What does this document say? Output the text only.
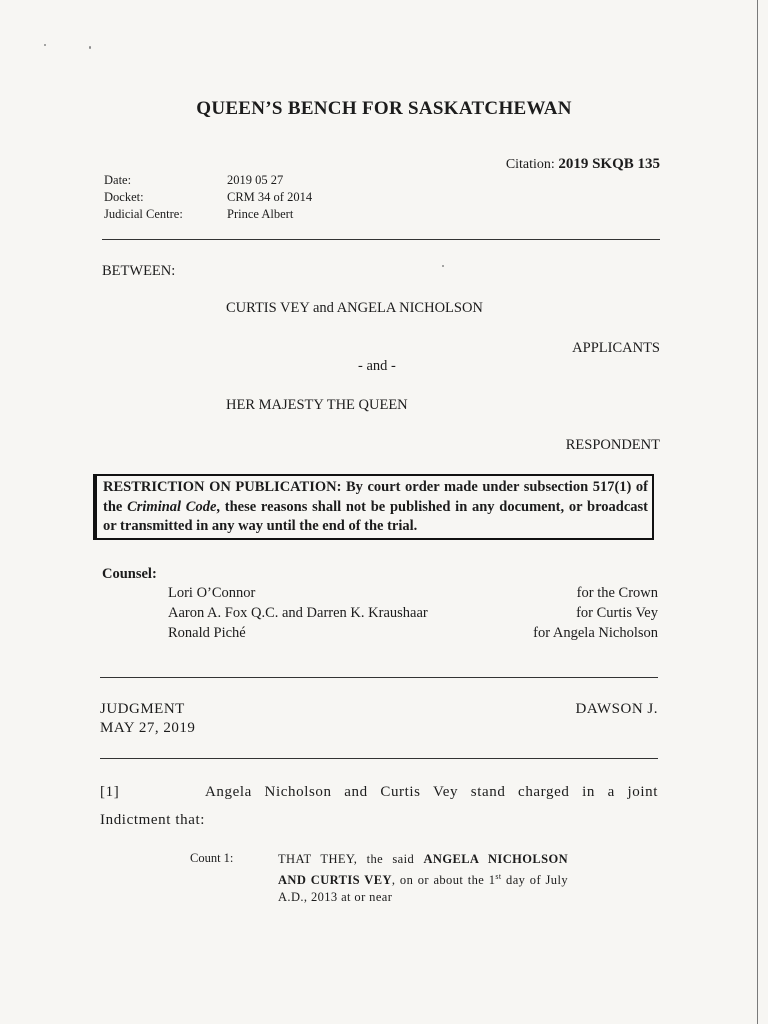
QUEEN’S BENCH FOR SASKATCHEWAN
Citation: 2019 SKQB 135
Date:	2019 05 27
Docket:	CRM 34 of 2014
Judicial Centre:	Prince Albert
BETWEEN:
CURTIS VEY and ANGELA NICHOLSON
APPLICANTS
- and -
HER MAJESTY THE QUEEN
RESPONDENT
RESTRICTION ON PUBLICATION: By court order made under subsection 517(1) of the Criminal Code, these reasons shall not be published in any document, or broadcast or transmitted in any way until the end of the trial.
Counsel:
Lori O’Connor	for the Crown
Aaron A. Fox Q.C. and Darren K. Kraushaar	for Curtis Vey
Ronald Piché	for Angela Nicholson
JUDGMENT
MAY 27, 2019
DAWSON J.
[1]	Angela Nicholson and Curtis Vey stand charged in a joint Indictment that:
Count 1:	THAT THEY, the said ANGELA NICHOLSON AND CURTIS VEY, on or about the 1st day of July A.D., 2013 at or near
